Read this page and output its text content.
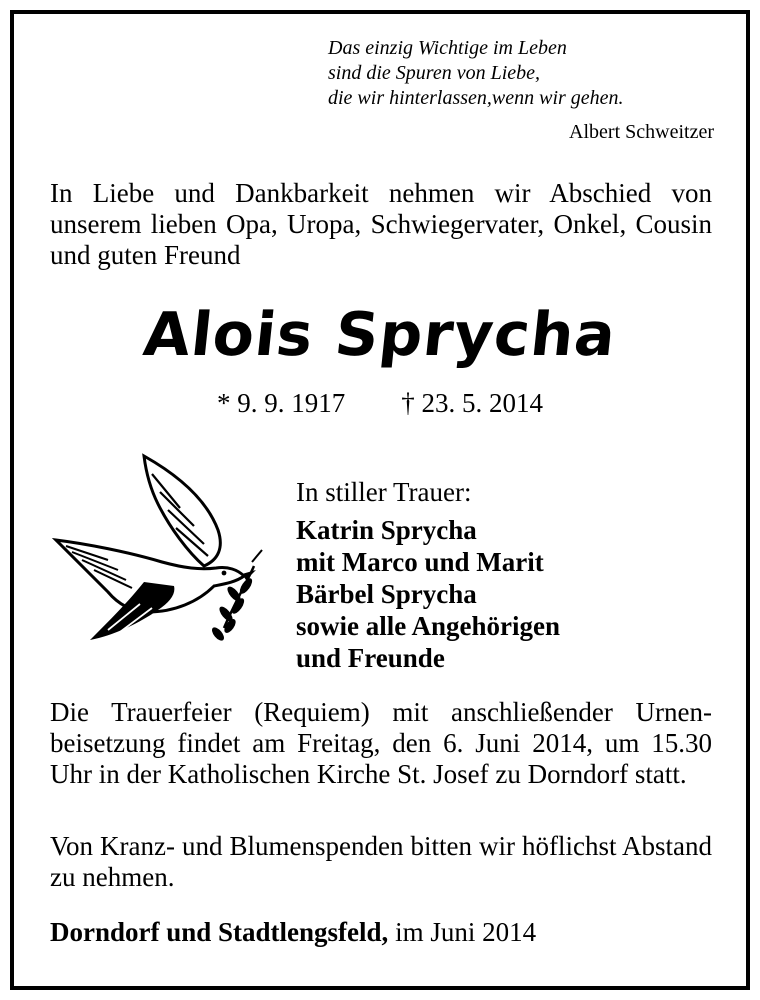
Das einzig Wichtige im Leben
sind die Spuren von Liebe,
die wir hinterlassen,wenn wir gehen.
Albert Schweitzer
In Liebe und Dankbarkeit nehmen wir Abschied von unserem lieben Opa, Uropa, Schwiegervater, Onkel, Cousin und guten Freund
Alois Sprycha
* 9. 9. 1917 † 23. 5. 2014
In stiller Trauer:
Katrin Sprycha
mit Marco und Marit
Bärbel Sprycha
sowie alle Angehörigen
und Freunde
Die Trauerfeier (Requiem) mit anschließender Urnen-beisetzung findet am Freitag, den 6. Juni 2014, um 15.30 Uhr in der Katholischen Kirche St. Josef zu Dorndorf statt.
Von Kranz- und Blumenspenden bitten wir höflichst Abstand zu nehmen.
Dorndorf und Stadtlengsfeld, im Juni 2014
